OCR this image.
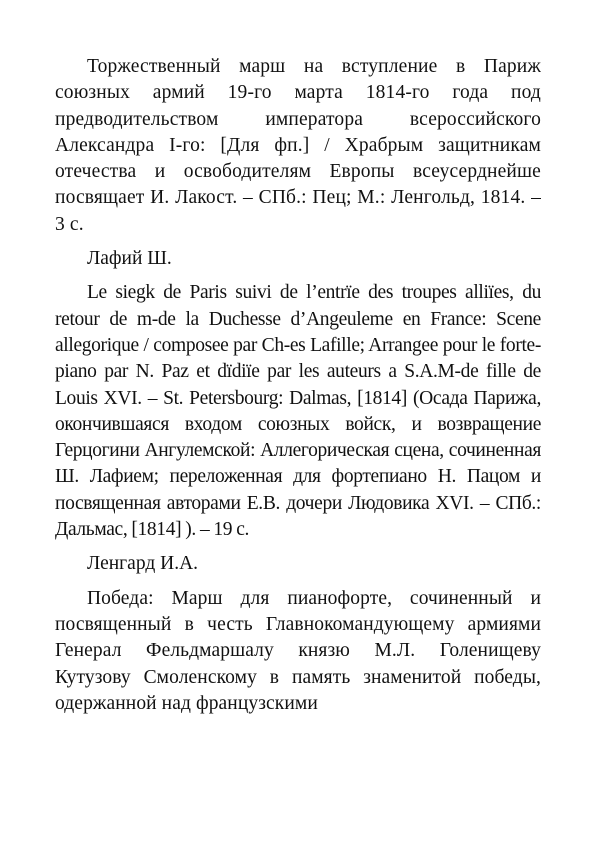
Торжественный марш на вступление в Париж союзных армий 19-го марта 1814-го года под предводительством императора всероссийского Александра I-го: [Для фп.] / Храбрым защитникам отечества и освободителям Европы всеусерднейше посвящает И. Лакост. – СПб.: Пец; М.: Ленгольд, 1814. – 3 с.

Лафий Ш.

Le siegk de Paris suivi de l’entrïe des troupes alliïes, du retour de m-de la Duchesse d’Angeuleme en France: Scene allegorique / composee par Ch-es Lafille; Arrangee pour le forte-piano par N. Paz et dïdiïe par les auteurs a S.A.M-de fille de Louis XVI. – St. Petersbourg: Dalmas, [1814] (Осада Парижа, окончившаяся входом союзных войск, и возвращение Герцогини Ангулемской: Аллегорическая сцена, сочиненная Ш. Лафием; переложенная для фортепиано Н. Пацом и посвященная авторами Е.В. дочери Людовика XVI. – СПб.: Дальмас, [1814] ). – 19 с.

Ленгард И.А.

Победа: Марш для пианофорте, сочиненный и посвященный в честь Главнокомандующему армиями Генерал Фельдмаршалу князю М.Л. Голенищеву Кутузову Смоленскому в память знаменитой победы, одержанной над французскими
